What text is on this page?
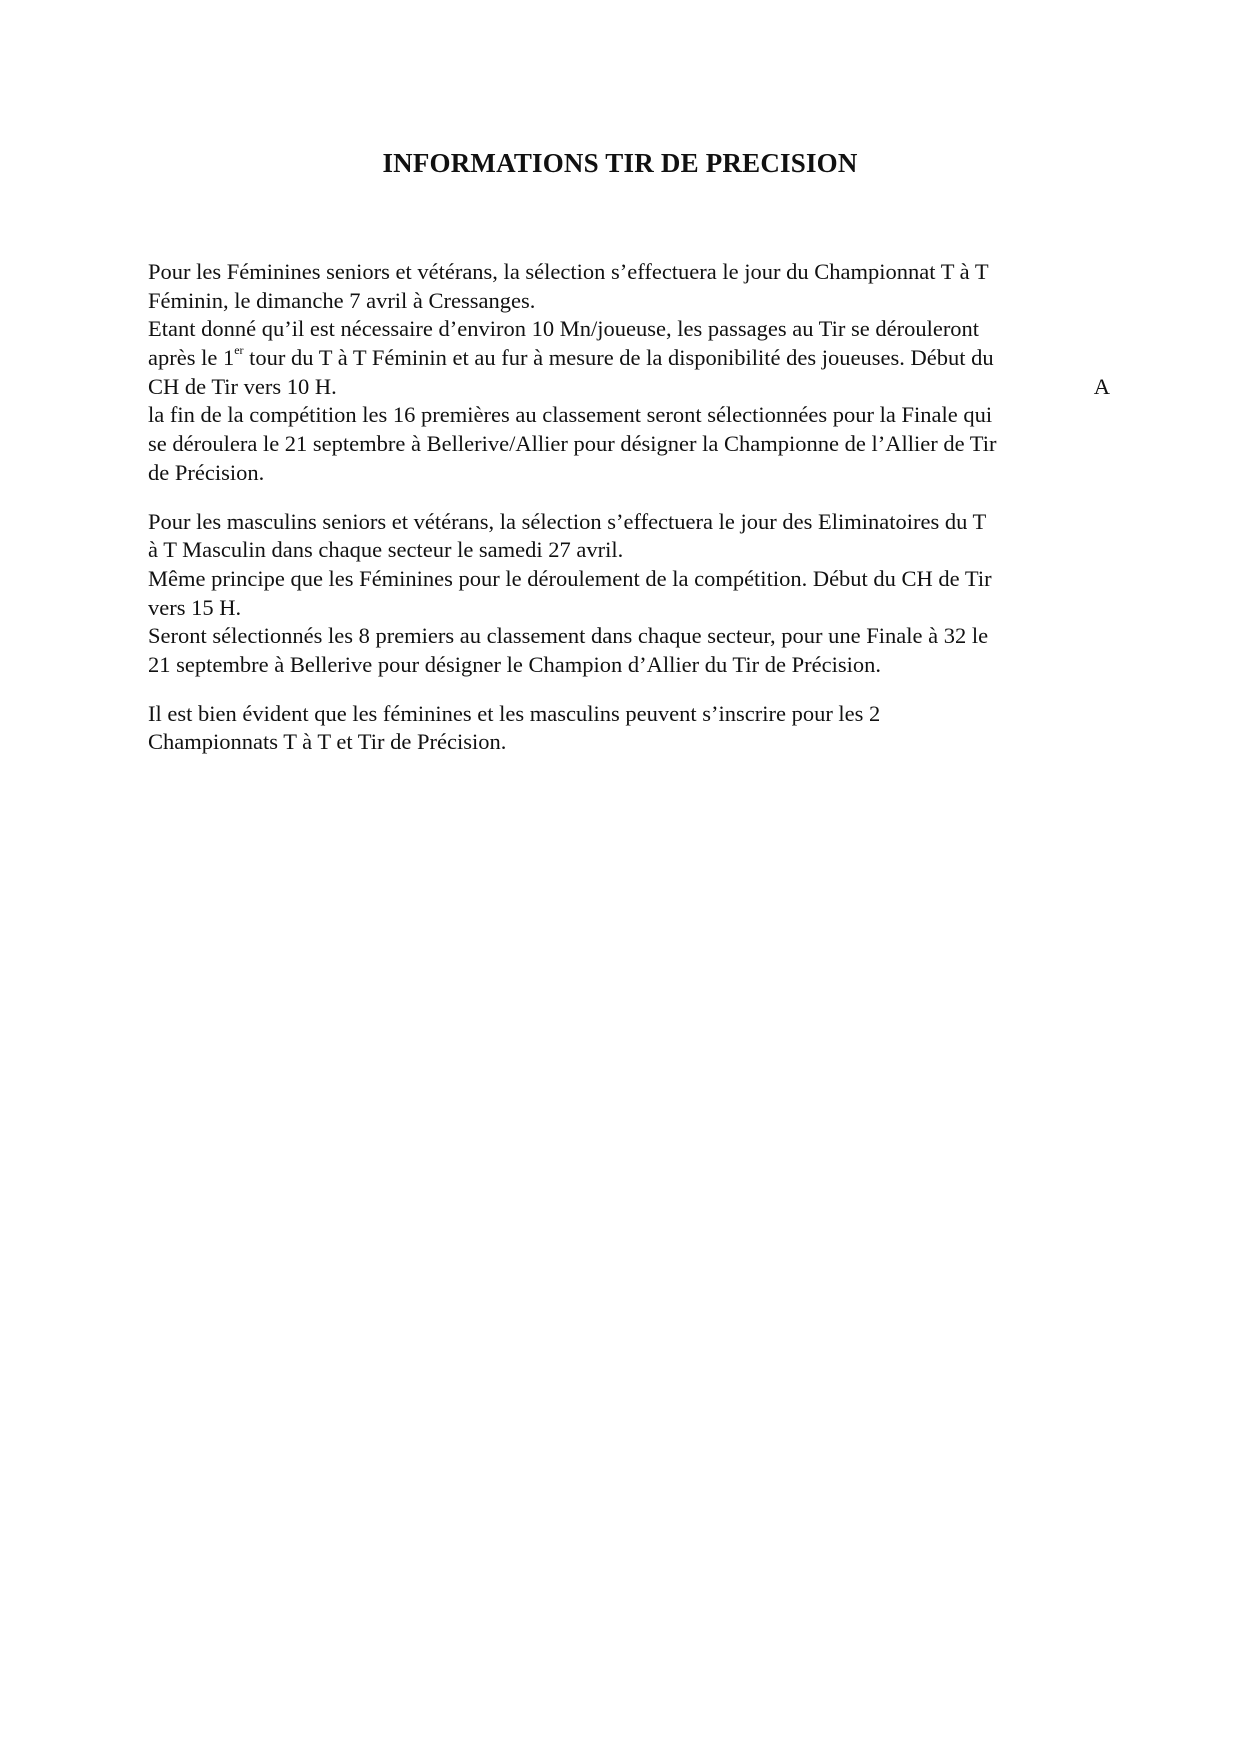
INFORMATIONS TIR DE PRECISION
Pour les Féminines seniors et vétérans, la sélection s’effectuera le jour du Championnat T à T
Féminin, le dimanche 7 avril à Cressanges.
Etant donné qu’il est nécessaire d’environ 10 Mn/joueuse, les passages au Tir se dérouleront
après le 1er tour du T à T Féminin et au fur à mesure de la disponibilité des joueuses. Début du
CH de Tir vers 10 H.	A
la fin de la compétition les 16 premières au classement seront sélectionnées pour la Finale qui
se déroulera le 21 septembre à Bellerive/Allier pour désigner la Championne de l’Allier de Tir
de Précision.
Pour les masculins seniors et vétérans, la sélection s’effectuera le jour des Eliminatoires du T
à T Masculin dans chaque secteur le samedi 27 avril.
Même principe que les Féminines pour le déroulement de la compétition. Début du CH de Tir
vers 15 H.
Seront sélectionnés les 8 premiers au classement dans chaque secteur, pour une Finale à 32 le
21 septembre à Bellerive pour désigner le Champion d’Allier du Tir de Précision.
Il est bien évident que les féminines et les masculins peuvent s’inscrire pour les 2
Championnats T à T et Tir de Précision.
